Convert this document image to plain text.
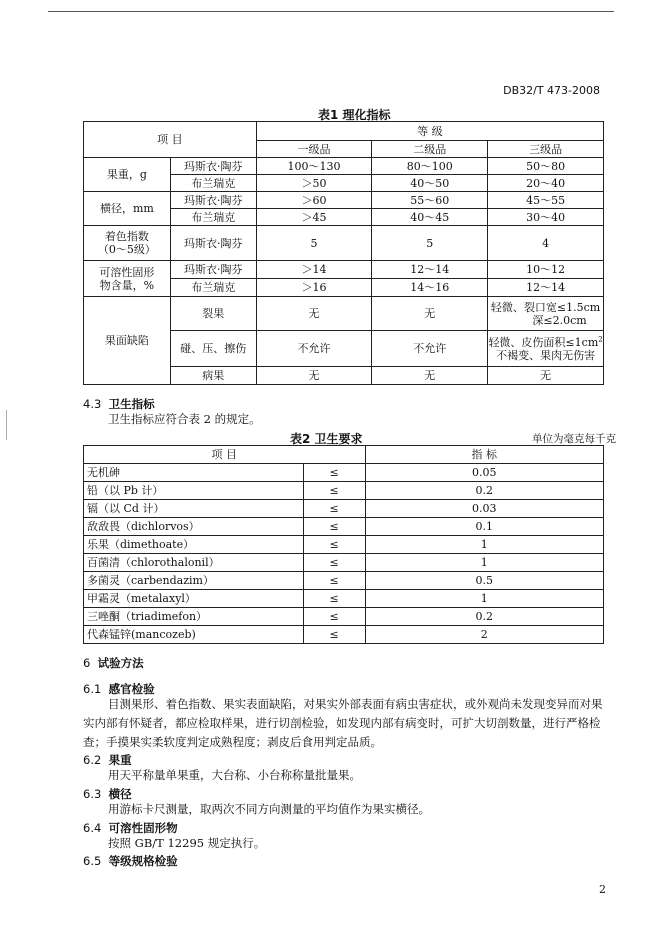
DB32/T 473-2008
表1 理化指标
项 目		等 级		
		一级品	二级品	三级品
果重，g	玛斯衣·陶芬	100～130	80～100	50～80
	布兰瑞克	＞50	40～50	20～40
横径，mm	玛斯衣·陶芬	＞60	55～60	45～55
	布兰瑞克	＞45	40～45	30～40
着色指数
（0～5级）	玛斯衣·陶芬	5	5	4
可溶性固形
物含量，%	玛斯衣·陶芬	＞14	12～14	10～12
	布兰瑞克	＞16	14～16	12～14
果面缺陷	裂果	无	无	轻微、裂口宽≤1.5cm
深≤2.0cm
	碰、压、擦伤	不允许	不允许	轻微、皮伤面积$\le 1cm^2$
不褐变、果肉无伤害
	病果	无	无	无
4.3 卫生指标
卫生指标应符合表 2 的规定。
表2 卫生要求	单位为毫克每千克
项 目		指 标
无机砷	≤	0.05
铅（以 Pb 计）	≤	0.2
镉（以 Cd 计）	≤	0.03
敌敌畏（dichlorvos）	≤	0.1
乐果（dimethoate）	≤	1
百菌清（chlorothalonil）	≤	1
多菌灵（carbendazim）	≤	0.5
甲霜灵（metalaxyl）	≤	1
三唑酮（triadimefon）	≤	0.2
代森锰锌(mancozeb)	≤	2
6 试验方法
6.1 感官检验
目测果形、着色指数、果实表面缺陷，对果实外部表面有病虫害症状，或外观尚未发现变异而对果
实内部有怀疑者，都应检取样果，进行切剖检验，如发现内部有病变时，可扩大切剖数量，进行严格检
查；手摸果实柔软度判定成熟程度；剥皮后食用判定品质。
6.2 果重
用天平称量单果重，大台称、小台称称量批量果。
6.3 横径
用游标卡尺测量，取两次不同方向测量的平均值作为果实横径。
6.4 可溶性固形物
按照 GB/T 12295 规定执行。
6.5 等级规格检验
2
